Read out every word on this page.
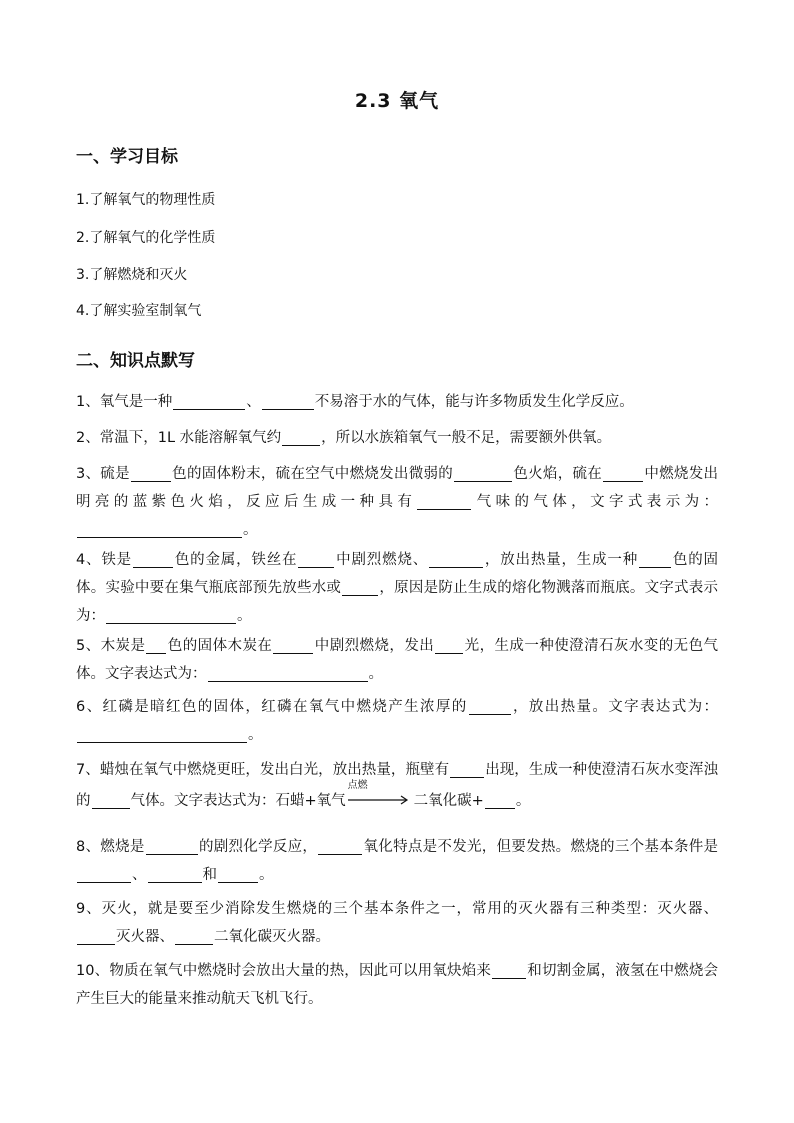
2.3 氧气
一、学习目标
1.了解氧气的物理性质
2.了解氧气的化学性质
3.了解燃烧和灭火
4.了解实验室制氧气
二、知识点默写
1、氧气是一种	、	不易溶于水的气体，能与许多物质发生化学反应。
2、常温下，1L 水能溶解氧气约	，所以水族箱氧气一般不足，需要额外供氧。
3、硫是	色的固体粉末，硫在空气中燃烧发出微弱的	色火焰，硫在	中燃烧发出明亮的蓝紫色火焰，反应后生成一种具有	气味的气体，文字式表示为：。
4、铁是	色的金属，铁丝在	中剧烈燃烧、	，放出热量，生成一种 色的固体。实验中要在集气瓶底部预先放些水或	，原因是防止生成的熔化物溅落而瓶底。文字式表示为：	。
5、木炭是 色的固体木炭在	中剧烈燃烧，发出 光，生成一种使澄清石灰水变的无色气体。文字表达式为：	。
6、红磷是暗红色的固体，红磷在氧气中燃烧产生浓厚的	，放出热量。文字表达式为：。
7、蜡烛在氧气中燃烧更旺，发出白光，放出热量，瓶壁有 出现，生成一种使澄清石灰水变浑浊的	气体。文字表达式为：石蜡+氧气
点燃
二氧化碳+ 。
8、燃烧是	的剧烈化学反应，	氧化特点是不发光，但要发热。燃烧的三个基本条件是、	和	。
9、灭火，就是要至少消除发生燃烧的三个基本条件之一，常用的灭火器有三种类型：灭火器、灭火器、	二氧化碳灭火器。
10、物质在氧气中燃烧时会放出大量的热，因此可以用氧炔焰来 和切割金属，液氢在中燃烧会产生巨大的能量来推动航天飞机飞行。
